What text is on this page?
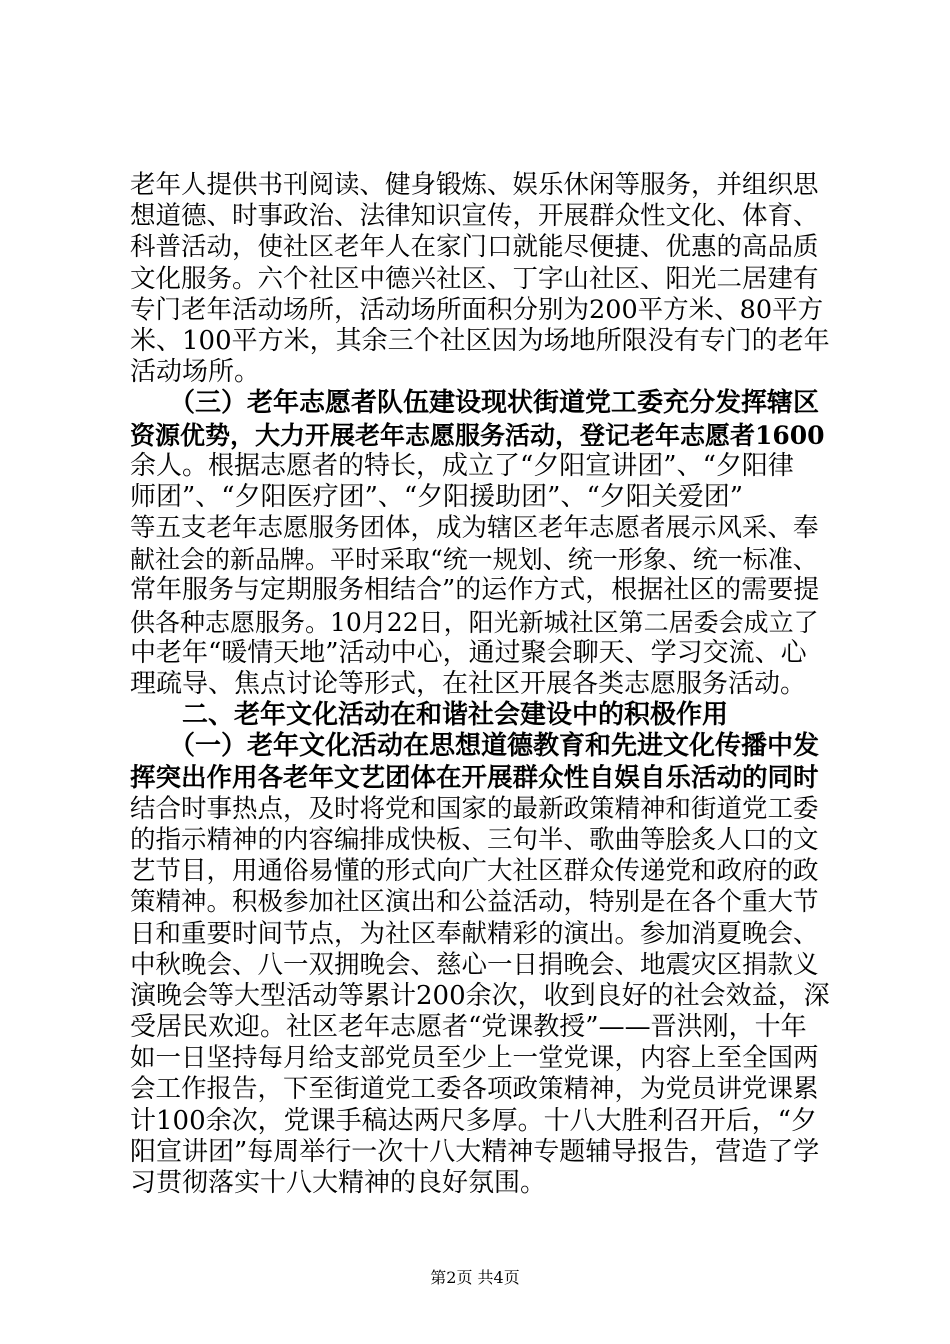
老年人提供书刊阅读、健身锻炼、娱乐休闲等服务，并组织思
想道德、时事政治、法律知识宣传，开展群众性文化、体育、
科普活动，使社区老年人在家门口就能尽便捷、优惠的高品质
文化服务。六个社区中德兴社区、丁字山社区、阳光二居建有
专门老年活动场所，活动场所面积分别为200平方米、80平方
米、100平方米，其余三个社区因为场地所限没有专门的老年
活动场所。
　　（三）老年志愿者队伍建设现状街道党工委充分发挥辖区
资源优势，大力开展老年志愿服务活动，登记老年志愿者1600
余人。根据志愿者的特长，成立了“夕阳宣讲团”、“夕阳律
师团”、“夕阳医疗团”、“夕阳援助团”、“夕阳关爱团”
等五支老年志愿服务团体，成为辖区老年志愿者展示风采、奉
献社会的新品牌。平时采取“统一规划、统一形象、统一标准、
常年服务与定期服务相结合”的运作方式，根据社区的需要提
供各种志愿服务。10月22日，阳光新城社区第二居委会成立了
中老年“暖情天地”活动中心，通过聚会聊天、学习交流、心
理疏导、焦点讨论等形式，在社区开展各类志愿服务活动。
　　二、老年文化活动在和谐社会建设中的积极作用
　　（一）老年文化活动在思想道德教育和先进文化传播中发
挥突出作用各老年文艺团体在开展群众性自娱自乐活动的同时
结合时事热点，及时将党和国家的最新政策精神和街道党工委
的指示精神的内容编排成快板、三句半、歌曲等脍炙人口的文
艺节目，用通俗易懂的形式向广大社区群众传递党和政府的政
策精神。积极参加社区演出和公益活动，特别是在各个重大节
日和重要时间节点，为社区奉献精彩的演出。参加消夏晚会、
中秋晚会、八一双拥晚会、慈心一日捐晚会、地震灾区捐款义
演晚会等大型活动等累计200余次，收到良好的社会效益，深
受居民欢迎。社区老年志愿者“党课教授”——晋洪刚，十年
如一日坚持每月给支部党员至少上一堂党课，内容上至全国两
会工作报告，下至街道党工委各项政策精神，为党员讲党课累
计100余次，党课手稿达两尺多厚。十八大胜利召开后，“夕
阳宣讲团”每周举行一次十八大精神专题辅导报告，营造了学
习贯彻落实十八大精神的良好氛围。
第2页 共4页
